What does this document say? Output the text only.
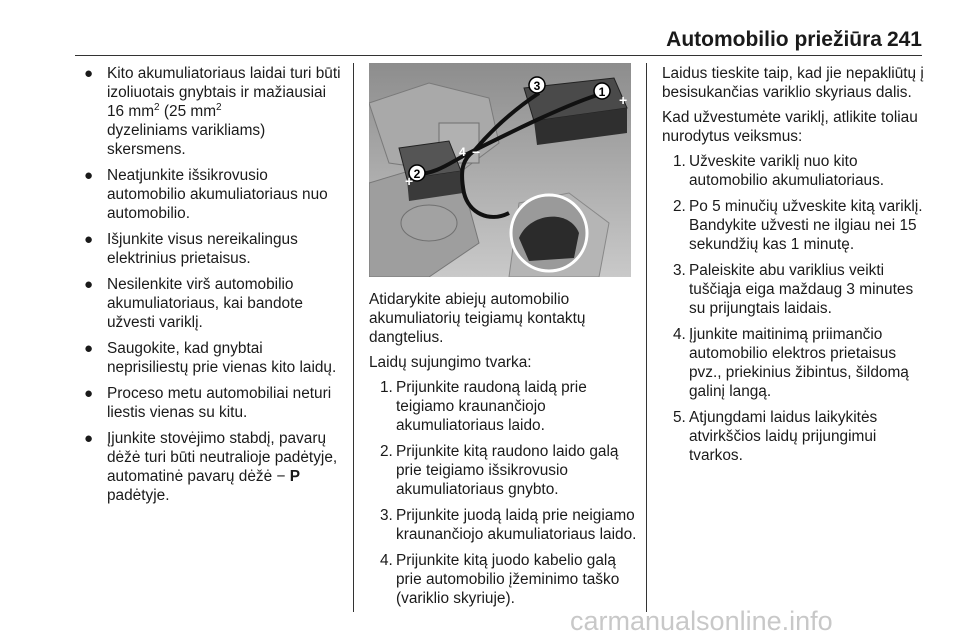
Automobilio priežiūra 241
● Kito akumuliatoriaus laidai turi būti izoliuotais gnybtais ir mažiausiai 16 $mm^2$ (25 $mm^2$
dyzeliniams varikliams) skersmens.
● Neatjunkite išsikrovusio automobilio akumuliatoriaus nuo automobilio.
● Išjunkite visus nereikalingus elektrinius prietaisus.
● Nesilenkite virš automobilio akumuliatoriaus, kai bandote užvesti variklį.
● Saugokite, kad gnybtai neprisiliestų prie vienas kito laidų.
● Proceso metu automobiliai neturi liestis vienas su kitu.
● Įjunkite stovėjimo stabdį, pavarų dėžė turi būti neutralioje padėtyje, automatinė pavarų dėžė − P padėtyje.
1
2
3
4
+
−
+

Atidarykite abiejų automobilio akumuliatorių teigiamų kontaktų dangtelius.

Laidų sujungimo tvarka:

1. Prijunkite raudoną laidą prie teigiamo kraunančiojo akumuliatoriaus laido.
2. Prijunkite kitą raudono laido galą prie teigiamo išsikrovusio akumuliatoriaus gnybto.
3. Prijunkite juodą laidą prie neigiamo kraunančiojo akumuliatoriaus laido.
4. Prijunkite kitą juodo kabelio galą prie automobilio įžeminimo taško (variklio skyriuje).

Laidus tieskite taip, kad jie nepakliūtų į besisukančias variklio skyriaus dalis.

Kad užvestumėte variklį, atlikite toliau nurodytus veiksmus:

1. Užveskite variklį nuo kito automobilio akumuliatoriaus.
2. Po 5 minučių užveskite kitą variklį. Bandykite užvesti ne ilgiau nei 15 sekundžių kas 1 minutę.
3. Paleiskite abu variklius veikti tuščiąja eiga maždaug 3 minutes su prijungtais laidais.
4. Įjunkite maitinimą priimančio automobilio elektros prietaisus pvz., priekinius žibintus, šildomą galinį langą.
5. Atjungdami laidus laikykitės atvirkščios laidų prijungimui tvarkos.
carmanualsonline.info
